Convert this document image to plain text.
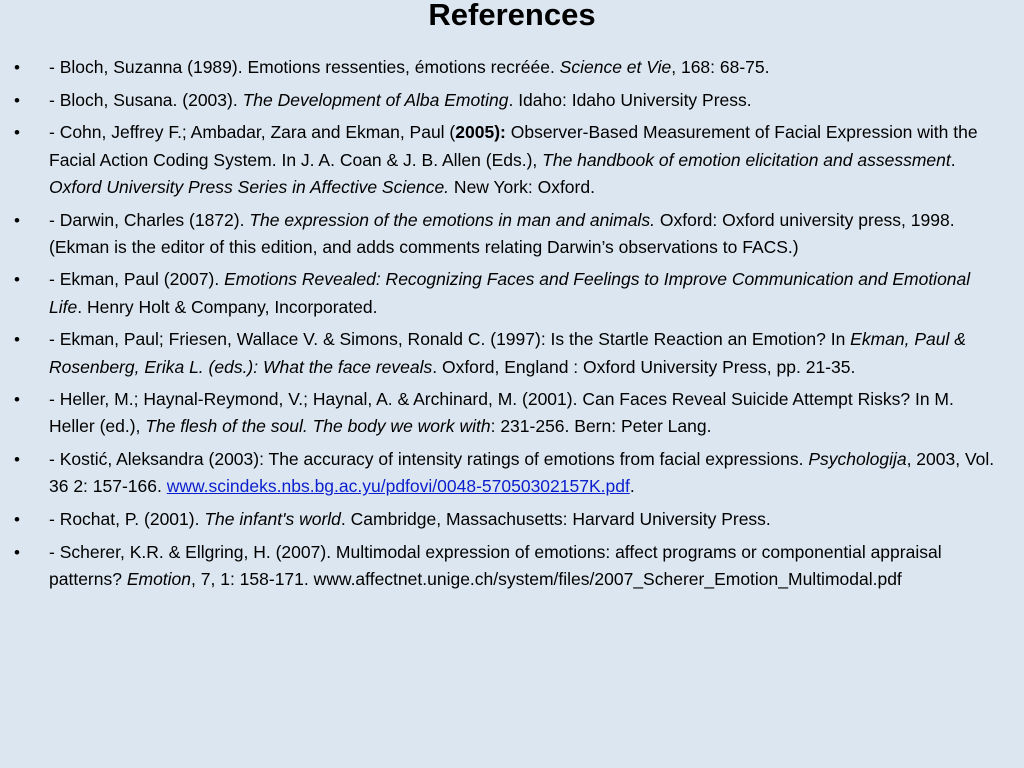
References
• - Bloch, Suzanna (1989). Emotions ressenties, émotions recréée. Science et Vie, 168: 68-75.
• - Bloch, Susana. (2003). The Development of Alba Emoting. Idaho: Idaho University Press.
• - Cohn, Jeffrey F.; Ambadar, Zara and Ekman, Paul (2005): Observer-Based Measurement of Facial Expression with the Facial Action Coding System. In J. A. Coan & J. B. Allen (Eds.), The handbook of emotion elicitation and assessment. Oxford University Press Series in Affective Science. New York: Oxford.
• - Darwin, Charles (1872). The expression of the emotions in man and animals. Oxford: Oxford university press, 1998. (Ekman is the editor of this edition, and adds comments relating Darwin’s observations to FACS.)
• - Ekman, Paul (2007). Emotions Revealed: Recognizing Faces and Feelings to Improve Communication and Emotional Life. Henry Holt & Company, Incorporated.
• - Ekman, Paul; Friesen, Wallace V. & Simons, Ronald C. (1997): Is the Startle Reaction an Emotion? In Ekman, Paul & Rosenberg, Erika L. (eds.): What the face reveals. Oxford, England : Oxford University Press, pp. 21-35.
• - Heller, M.; Haynal-Reymond, V.; Haynal, A. & Archinard, M. (2001). Can Faces Reveal Suicide Attempt Risks? In M. Heller (ed.), The flesh of the soul. The body we work with: 231-256. Bern: Peter Lang.
• - Kostić, Aleksandra (2003): The accuracy of intensity ratings of emotions from facial expressions. Psychologija, 2003, Vol. 36 2: 157-166. www.scindeks.nbs.bg.ac.yu/pdfovi/0048-57050302157K.pdf.
• - Rochat, P. (2001). The infant's world. Cambridge, Massachusetts: Harvard University Press.
• - Scherer, K.R. & Ellgring, H. (2007). Multimodal expression of emotions: affect programs or componential appraisal patterns? Emotion, 7, 1: 158-171. www.affectnet.unige.ch/system/files/2007_Scherer_Emotion_Multimodal.pdf
